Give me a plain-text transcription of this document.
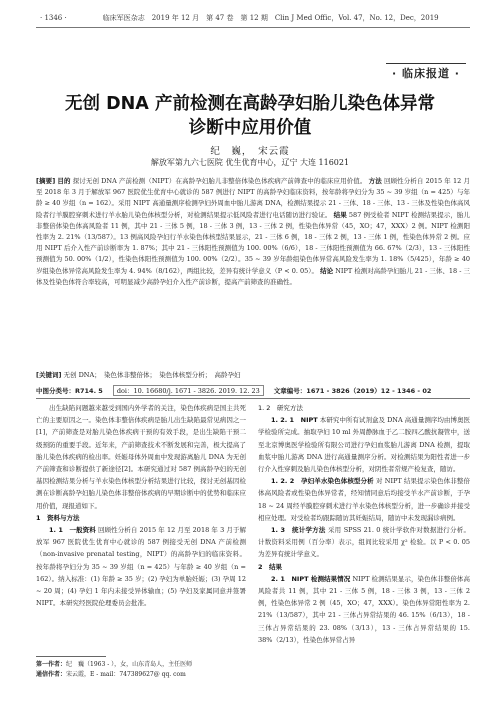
· 1346 ·	临床军医杂志　2019 年 12 月　第 47 卷　第 12 期　Clin J Med Offic，Vol. 47，No. 12，Dec，2019
· 临床报道 ·
无创 DNA 产前检测在高龄孕妇胎儿染色体异常
诊断中应用价值
纪　巍，　宋云霞
解放军第九六七医院 优生优育中心，辽宁 大连 116021
[摘要] 目的 探讨无创 DNA 产前检测（NIPT）在高龄孕妇胎儿非整倍体染色体疾病产前筛查中的临床应用价值。 方法 回顾性分析自 2015 年 12 月至 2018 年 3 月于解放军 967 医院优生优育中心就诊的 587 例进行 NIPT 的高龄孕妇临床资料，按年龄将孕妇分为 35 ~ 39 岁组（n = 425）与年龄 ≥ 40 岁组（n = 162）。采用 NIPT 高通量测序检测孕妇外周血中胎儿游离 DNA，检测结果提示 21 - 三体、18 - 三体、13 - 三体及性染色体高风险者行羊膜腔穿刺术进行羊水胎儿染色体核型分析，对检测结果提示低风险者进行电话随访进行验证。 结果 587 例受检者 NIPT 检测结果提示，胎儿非整倍体染色体高风险者 11 例，其中 21 - 三体 5 例，18 - 三体 3 例，13 - 三体 2 例，性染色体异常（45，XO；47，XXX）2 例。NIPT 检测阳性率为 2. 21%（13/587）。13 例高风险孕妇行羊水染色体核型结果显示，21 - 三体 6 例，18 - 三体 2 例，13 - 三体 1 例，性染色体异常 2 例。应用 NIPT 后介入性产前诊断率为 1. 87%；其中 21 - 三体阳性预测值为 100. 00%（6/6），18 - 三体阳性预测值为 66. 67%（2/3），13 - 三体阳性预测值为 50. 00%（1/2），性染色体阳性预测值为 100. 00%（2/2）。35 ~ 39 岁年龄组染色体异常高风险发生率为 1. 18%（5/425），年龄 ≥ 40 岁组染色体异常高风险发生率为 4. 94%（8/162），两组比较，差异有统计学意义（P < 0. 05）。 结论 NIPT 检测对高龄孕妇胎儿 21 - 三体、18 - 三体及性染色体符合率较高，可明显减少高龄孕妇介入性产前诊断，提高产前筛查的准确性。
[关键词] 无创 DNA；　染色体非整倍体；　染色体核型分析；　高龄孕妇
中图分类号：R714. 5	doi：10. 16680/j. 1671 - 3826. 2019. 12. 23	文章编号：1671 - 3826（2019）12 - 1346 - 02

出生缺陷问题越来越受到国内外学者的关注，染色体疾病是国主共死亡的主要原因之一。染色体非整倍体疾病是胎儿出生缺陷最常见病因之一[1]，产前筛查是对胎儿染色体疾病干预的有效手段，是出生缺陷干预二级预防的重要手段。近年来，产前筛查技术不断发展和完善，极大提高了胎儿染色体疾病的检出率。妊娠母体外周血中发现游离胎儿 DNA 为无创产前筛查和诊断提供了新途径[2]。本研究通过对 587 例高龄孕妇的无创基因检测结果分析与羊水染色体核型分析结果进行比较，探讨无创基因检测在诊断高龄孕妇胎儿染色体非整倍体疾病的早期诊断中的优势和临床应用价值，现报道如下。

1　资料与方法

1. 1　一般资料 回顾性分析自 2015 年 12 月至 2018 年 3 月于解放军 967 医院优生优育中心就诊的 587 例接受无创 DNA 产前检测（non-invasive prenatal testing，NIPT）的高龄孕妇的临床资料。按年龄将孕妇分为 35 ~ 39 岁组（n = 425）与年龄 ≥ 40 岁组（n = 162）。纳入标准：(1) 年龄 ≥ 35 岁；(2) 孕妇为单胎妊娠；(3) 孕周 12 ~ 20 周；(4) 孕妇 1 年内未接受异体输血；(5) 孕妇及家属同意并签署 NIPT。本研究经医院伦理委员会批准。

1. 2　研究方法

1. 2. 1　NIPT 本研究中所有试剂盒及 DNA 高通量测序均由博奥医学检验所完成。抽取孕妇 10 ml 外周静脉血于乙二胺四乙酸抗凝管中，送至北京博奥医学检验所有限公司进行孕妇血浆胎儿游离 DNA 检测，提取血浆中胎儿游离 DNA 进行高通量测序分析。对检测结果为阳性者进一步行介入性穿刺及胎儿染色体核型分析，对阴性者常规产检复查，随访。

1. 2. 2　孕妇羊水染色体核型分析 对 NIPT 结果提示染色体非整倍体高风险者或性染色体异常者，经知情同意后均接受羊水产前诊断，于孕 18 ~ 24 周经羊膜腔穿刺术进行羊水染色体核型分析，进一步确诊并接受相应处理。对受检者均跟踪随访其妊娠结局，随访中未发现漏诊病例。

1. 3　统计学方法 采用 SPSS 21. 0 统计学软件对数据进行分析。计数资料采用例（百分率）表示，组间比较采用 χ² 检验。以 P < 0. 05 为差异有统计学意义。

2　结果

2. 1　NIPT 检测结果情况 NIPT 检测结果显示，染色体非整倍体高风险者共 11 例，其中 21 - 三体 5 例，18 - 三体 3 例，13 - 三体 2 例，性染色体异常 2 例（45，XO；47，XXX）。染色体异常阳性率为 2. 21%（13/587），其中 21 - 三体占异常结果的 46. 15%（6/13），18 - 三体占异常结果的 23. 08%（3/13），13 - 三体占异常结果的 15. 38%（2/13），性染色体异常占异

第一作者：纪　巍（1963 - ），女，山东青岛人，主任医师
通信作者：宋云霞，E - mail：747389627@ qq. com
